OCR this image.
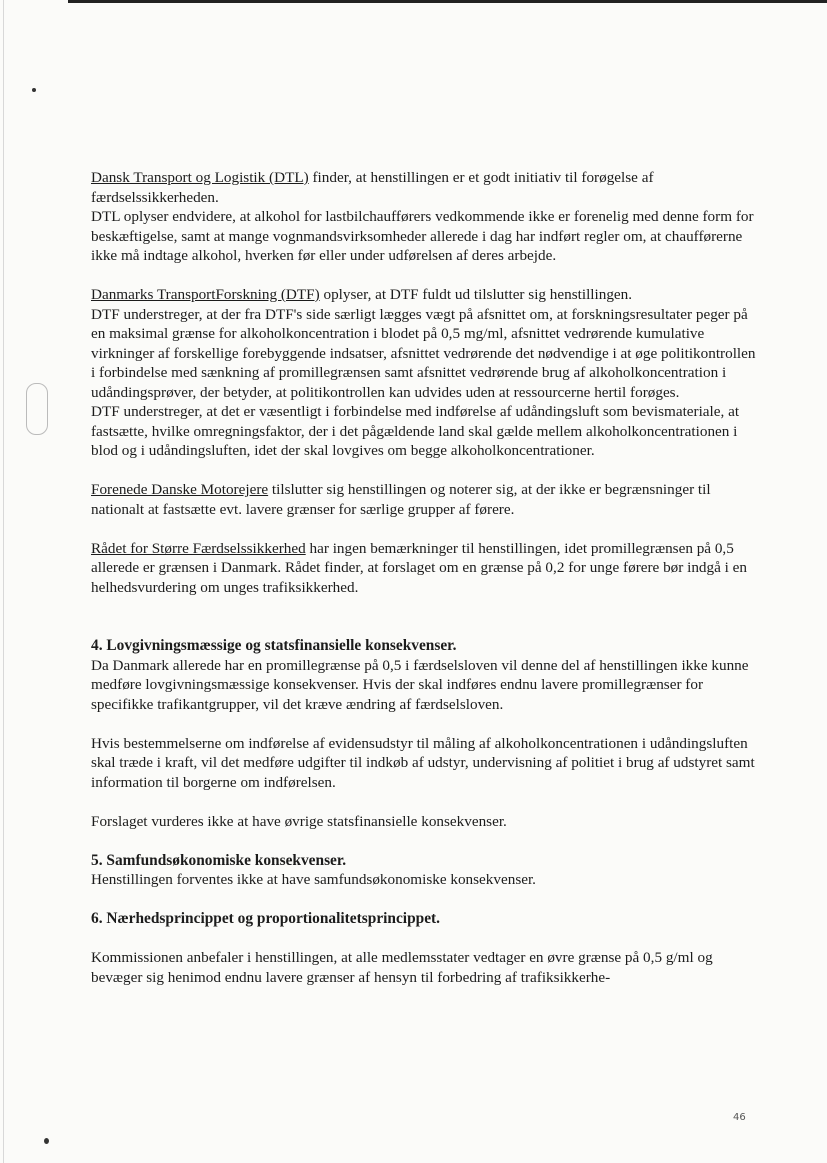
Dansk Transport og Logistik (DTL) finder, at henstillingen er et godt initiativ til forøgelse af færdselssikkerheden.

DTL oplyser endvidere, at alkohol for lastbilchaufførers vedkommende ikke er forenelig med denne form for beskæftigelse, samt at mange vognmandsvirksomheder allerede i dag har indført regler om, at chaufførerne ikke må indtage alkohol, hverken før eller under udførelsen af deres arbejde.

Danmarks TransportForskning (DTF) oplyser, at DTF fuldt ud tilslutter sig henstillingen.

DTF understreger, at der fra DTF's side særligt lægges vægt på afsnittet om, at forskningsresultater peger på en maksimal grænse for alkoholkoncentration i blodet på 0,5 mg/ml, afsnittet vedrørende kumulative virkninger af forskellige forebyggende indsatser, afsnittet vedrørende det nødvendige i at øge politikontrollen i forbindelse med sænkning af promillegrænsen samt afsnittet vedrørende brug af alkoholkoncentration i udåndingsprøver, der betyder, at politikontrollen kan udvides uden at ressourcerne hertil forøges.

DTF understreger, at det er væsentligt i forbindelse med indførelse af udåndingsluft som bevismateriale, at fastsætte, hvilke omregningsfaktor, der i det pågældende land skal gælde mellem alkoholkoncentrationen i blod og i udåndingsluften, idet der skal lovgives om begge alkoholkoncentrationer.

Forenede Danske Motorejere tilslutter sig henstillingen og noterer sig, at der ikke er begrænsninger til nationalt at fastsætte evt. lavere grænser for særlige grupper af førere.

Rådet for Større Færdselssikkerhed har ingen bemærkninger til henstillingen, idet promillegrænsen på 0,5 allerede er grænsen i Danmark. Rådet finder, at forslaget om en grænse på 0,2 for unge førere bør indgå i en helhedsvurdering om unges trafiksikkerhed.

4. Lovgivningsmæssige og statsfinansielle konsekvenser.

Da Danmark allerede har en promillegrænse på 0,5 i færdselsloven vil denne del af henstillingen ikke kunne medføre lovgivningsmæssige konsekvenser. Hvis der skal indføres endnu lavere promillegrænser for specifikke trafikantgrupper, vil det kræve ændring af færdselsloven.

Hvis bestemmelserne om indførelse af evidensudstyr til måling af alkoholkoncentrationen i udåndingsluften skal træde i kraft, vil det medføre udgifter til indkøb af udstyr, undervisning af politiet i brug af udstyret samt information til borgerne om indførelsen.

Forslaget vurderes ikke at have øvrige statsfinansielle konsekvenser.

5. Samfundsøkonomiske konsekvenser.

Henstillingen forventes ikke at have samfundsøkonomiske konsekvenser.

6. Nærhedsprincippet og proportionalitetsprincippet.

Kommissionen anbefaler i henstillingen, at alle medlemsstater vedtager en øvre grænse på 0,5 g/ml og bevæger sig henimod endnu lavere grænser af hensyn til forbedring af trafiksikkerhe-

46
